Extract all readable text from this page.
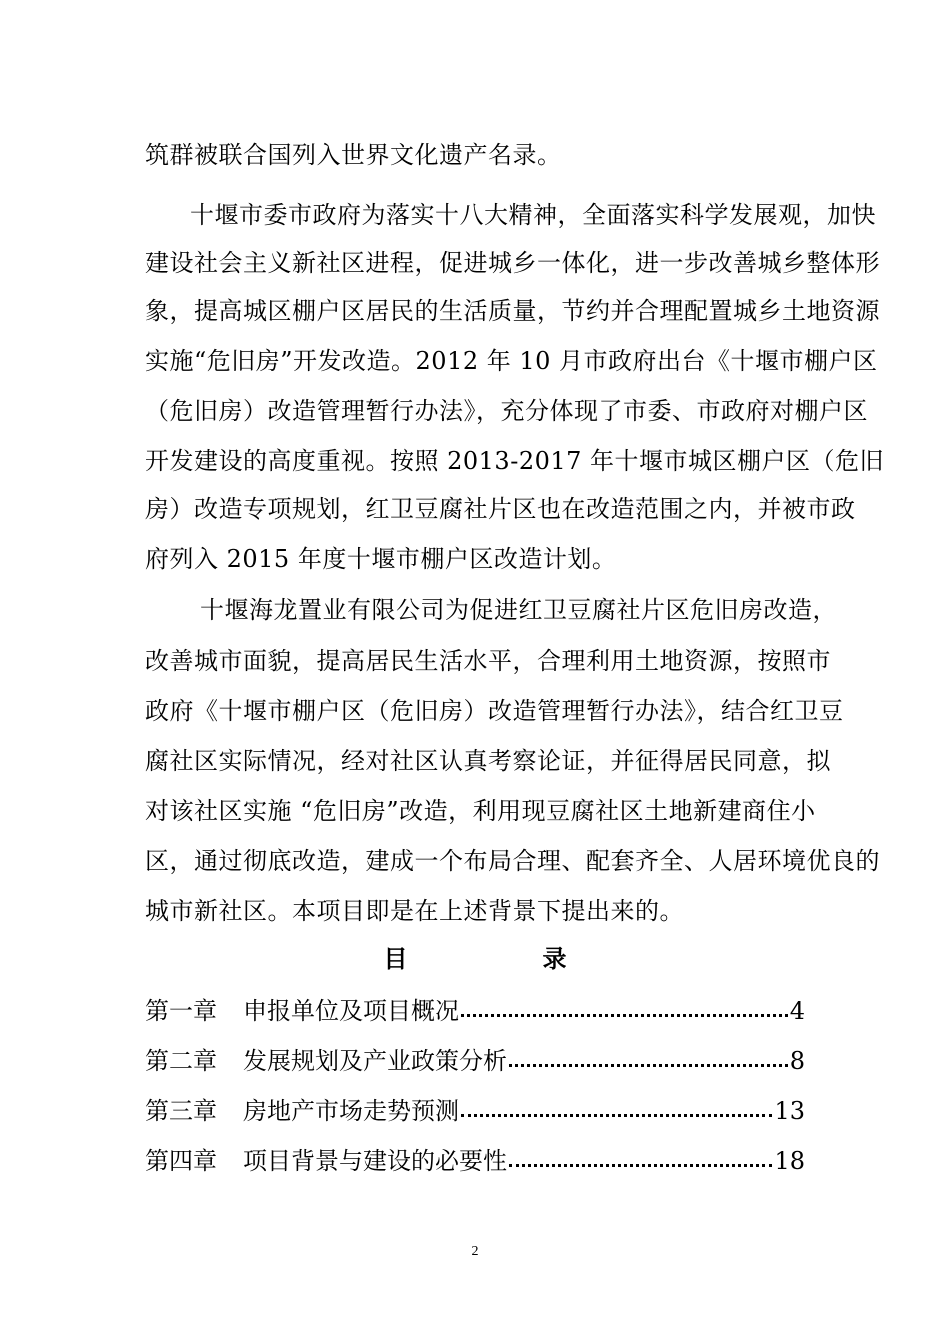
筑群被联合国列入世界文化遗产名录。
十堰市委市政府为落实十八大精神，全面落实科学发展观，加快
建设社会主义新社区进程，促进城乡一体化，进一步改善城乡整体形
象，提高城区棚户区居民的生活质量，节约并合理配置城乡土地资源
实施“危旧房”开发改造。2012 年 10 月市政府出台《十堰市棚户区
（危旧房）改造管理暂行办法》，充分体现了市委、市政府对棚户区
开发建设的高度重视。按照 2013-2017 年十堰市城区棚户区（危旧
房）改造专项规划，红卫豆腐社片区也在改造范围之内，并被市政
府列入 2015 年度十堰市棚户区改造计划。
十堰海龙置业有限公司为促进红卫豆腐社片区危旧房改造，
改善城市面貌，提高居民生活水平，合理利用土地资源，按照市
政府《十堰市棚户区（危旧房）改造管理暂行办法》，结合红卫豆
腐社区实际情况，经对社区认真考察论证，并征得居民同意，拟
对该社区实施 “危旧房”改造，利用现豆腐社区土地新建商住小
区，通过彻底改造，建成一个布局合理、配套齐全、人居环境优良的
城市新社区。本项目即是在上述背景下提出来的。
目	录
第一章	申报单位及项目概况	4
第二章	发展规划及产业政策分析	8
第三章	房地产市场走势预测	13
第四章	项目背景与建设的必要性	18
2
